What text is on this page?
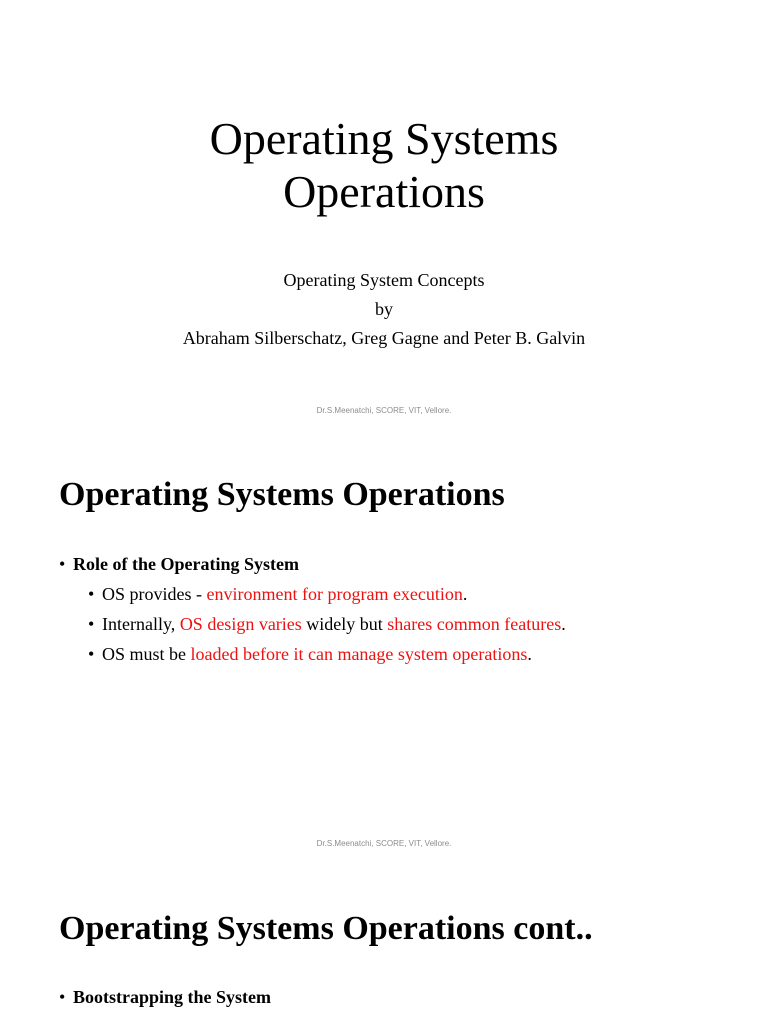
Operating Systems
Operations
Operating System Concepts
by
Abraham Silberschatz, Greg Gagne and Peter B. Galvin
Dr.S.Meenatchi, SCORE, VIT, Vellore.
Operating Systems Operations
• Role of the Operating System
• OS provides - environment for program execution.
• Internally, OS design varies widely but shares common features.
• OS must be loaded before it can manage system operations.
Dr.S.Meenatchi, SCORE, VIT, Vellore.
Operating Systems Operations cont..
• Bootstrapping the System
